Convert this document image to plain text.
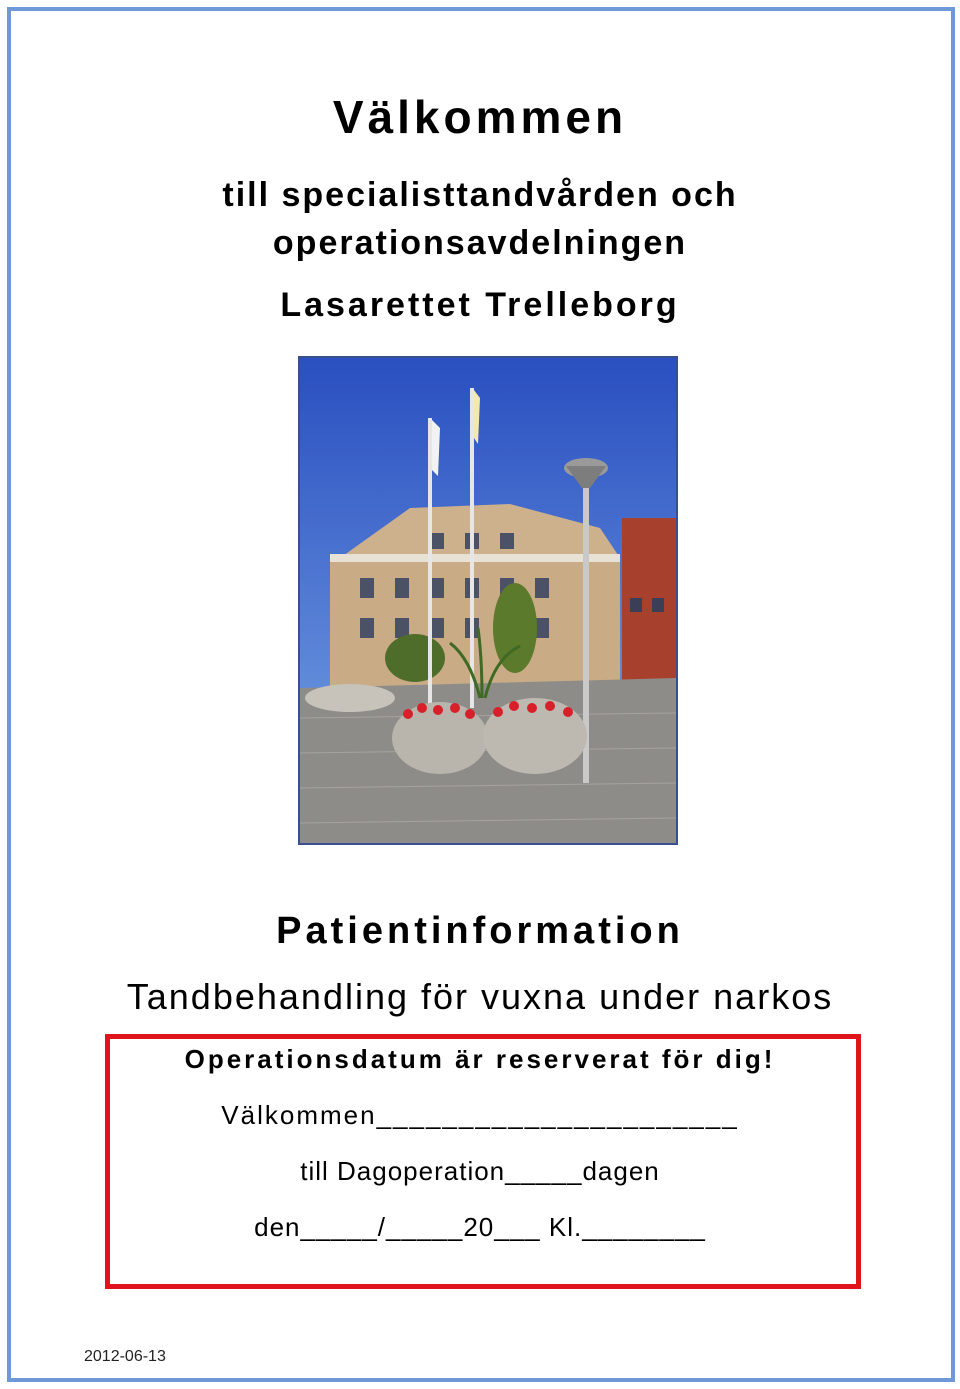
Välkommen
till specialisttandvården och
operationsavdelningen
Lasarettet Trelleborg
Patientinformation
Tandbehandling för vuxna under narkos
Operationsdatum är reserverat för dig!
Välkommen______________________
till Dagoperation_____dagen
den_____/_____20___ Kl.________
2012-06-13
